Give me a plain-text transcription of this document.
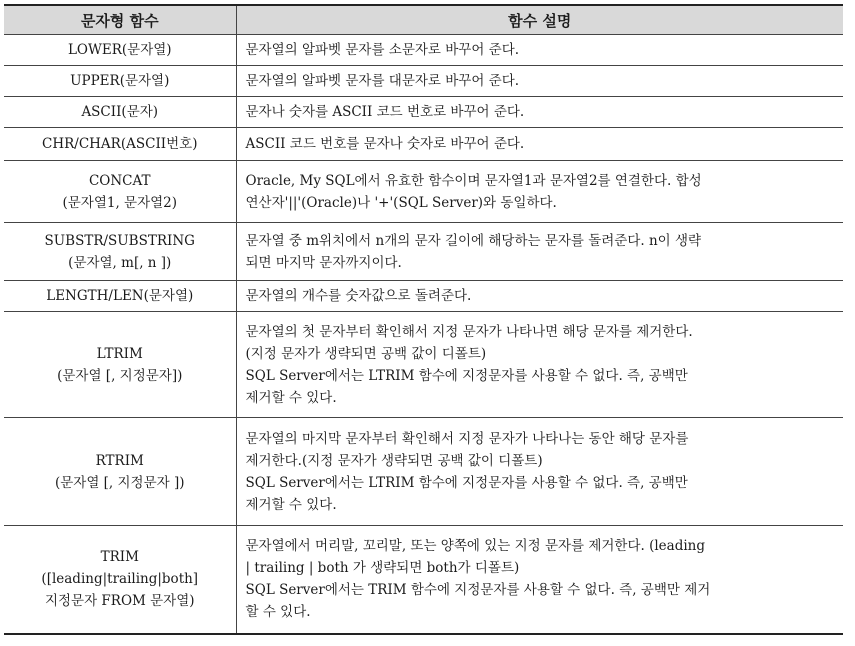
문자형 함수	함수 설명

LOWER(문자열)	문자열의 알파벳 문자를 소문자로 바꾸어 준다.

UPPER(문자열)	문자열의 알파벳 문자를 대문자로 바꾸어 준다.

ASCII(문자)	문자나 숫자를 ASCII 코드 번호로 바꾸어 준다.

CHR/CHAR(ASCII번호)	ASCII 코드 번호를 문자나 숫자로 바꾸어 준다.

CONCAT
(문자열1, 문자열2)	Oracle, My SQL에서 유효한 함수이며 문자열1과 문자열2를 연결한다. 합성
연산자'||'(Oracle)나 '+'(SQL Server)와 동일하다.

SUBSTR/SUBSTRING
(문자열, m[, n ])	문자열 중 m위치에서 n개의 문자 길이에 해당하는 문자를 돌려준다. n이 생략
되면 마지막 문자까지이다.

LENGTH/LEN(문자열)	문자열의 개수를 숫자값으로 돌려준다.

LTRIM
(문자열 [, 지정문자])	문자열의 첫 문자부터 확인해서 지정 문자가 나타나면 해당 문자를 제거한다.
(지정 문자가 생략되면 공백 값이 디폴트)
SQL Server에서는 LTRIM 함수에 지정문자를 사용할 수 없다. 즉, 공백만
제거할 수 있다.

RTRIM
(문자열 [, 지정문자 ])	문자열의 마지막 문자부터 확인해서 지정 문자가 나타나는 동안 해당 문자를
제거한다.(지정 문자가 생략되면 공백 값이 디폴트)
SQL Server에서는 LTRIM 함수에 지정문자를 사용할 수 없다. 즉, 공백만
제거할 수 있다.

TRIM
([leading|trailing|both]
지정문자 FROM 문자열)	문자열에서 머리말, 꼬리말, 또는 양쪽에 있는 지정 문자를 제거한다. (leading
| trailing | both 가 생략되면 both가 디폴트)
SQL Server에서는 TRIM 함수에 지정문자를 사용할 수 없다. 즉, 공백만 제거
할 수 있다.
